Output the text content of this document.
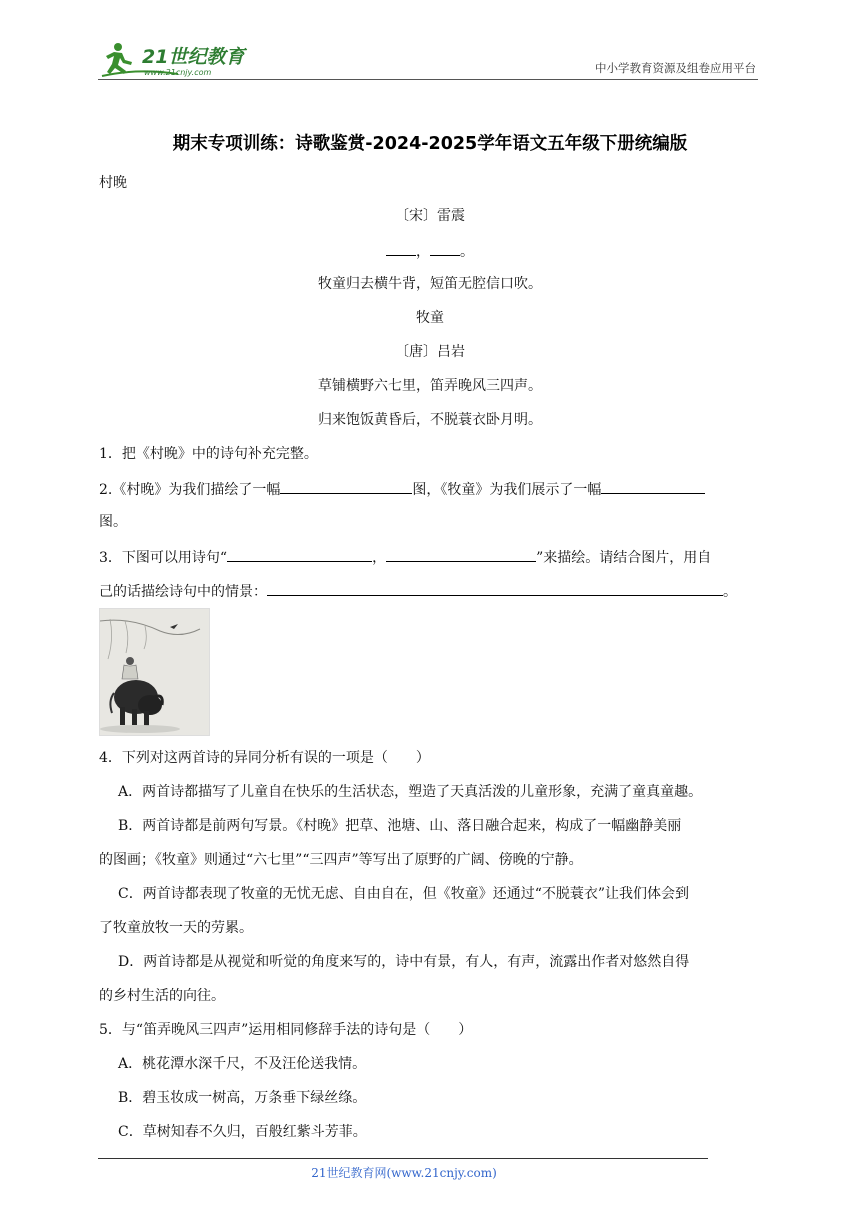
21世纪教育
www.21cnjy.com	中小学教育资源及组卷应用平台
期末专项训练：诗歌鉴赏-2024-2025学年语文五年级下册统编版
村晚
〔宋〕雷震
， 。
牧童归去横牛背，短笛无腔信口吹。
牧童
〔唐〕吕岩
草铺横野六七里，笛弄晚风三四声。
归来饱饭黄昏后，不脱蓑衣卧月明。
1．把《村晚》中的诗句补充完整。
2.《村晚》为我们描绘了一幅	图，《牧童》为我们展示了一幅
图。
3．下图可以用诗句“	，	”来描绘。请结合图片，用自
己的话描绘诗句中的情景：	。
4．下列对这两首诗的异同分析有误的一项是（　　）
A．两首诗都描写了儿童自在快乐的生活状态，塑造了天真活泼的儿童形象，充满了童真童趣。
B．两首诗都是前两句写景。《村晚》把草、池塘、山、落日融合起来，构成了一幅幽静美丽
的图画；《牧童》则通过“六七里”“三四声”等写出了原野的广阔、傍晚的宁静。
C．两首诗都表现了牧童的无忧无虑、自由自在，但《牧童》还通过“不脱蓑衣”让我们体会到
了牧童放牧一天的劳累。
D．两首诗都是从视觉和听觉的角度来写的，诗中有景，有人，有声，流露出作者对悠然自得
的乡村生活的向往。
5．与“笛弄晚风三四声”运用相同修辞手法的诗句是（　　）
A．桃花潭水深千尺，不及汪伦送我情。
B．碧玉妆成一树高，万条垂下绿丝绦。
C．草树知春不久归，百般红紫斗芳菲。
21世纪教育网(www.21cnjy.com)
